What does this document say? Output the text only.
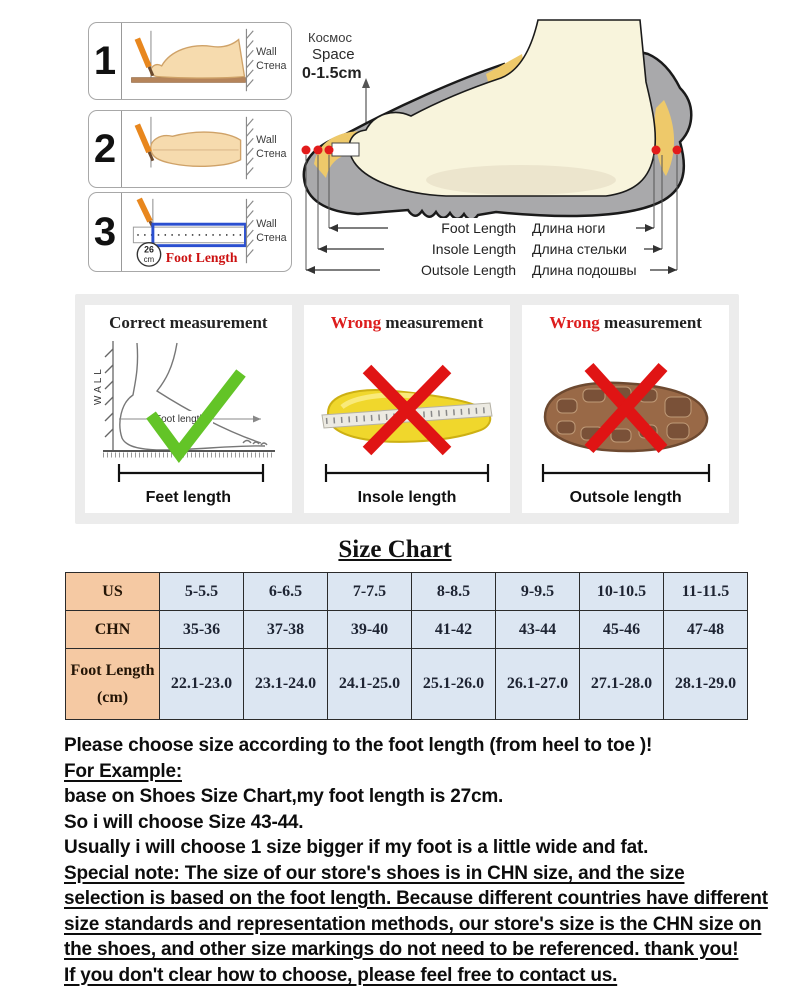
1	Wall
Стена
2	Wall
Стена
3	26
cm Foot Length
Wall
Стена
Космос
Space
0-1.5cm
Foot Length Длина ноги
Insole Length Длина стельки
Outsole Length Длина подошвы
Correct measurement
WALL
Foot length
Feet length
Wrong measurement
Insole length
Wrong measurement
Outsole length
Size Chart
US	5-5.5	6-6.5	7-7.5	8-8.5	9-9.5	10-10.5	11-11.5
CHN	35-36	37-38	39-40	41-42	43-44	45-46	47-48
Foot Length
(cm)	22.1-23.0	23.1-24.0	24.1-25.0	25.1-26.0	26.1-27.0	27.1-28.0	28.1-29.0
Please choose size according to the foot length (from heel to toe )!
For Example:
base on Shoes Size Chart,my foot length is 27cm.
So i will choose Size 43-44.
Usually i will choose 1 size bigger if my foot is a little wide and fat.
Special note: The size of our store's shoes is in CHN size, and the size selection is based on the foot length. Because different countries have different size standards and representation methods, our store's size is the CHN size on the shoes, and other size markings do not need to be referenced. thank you!
If you don't clear how to choose, please feel free to contact us.
